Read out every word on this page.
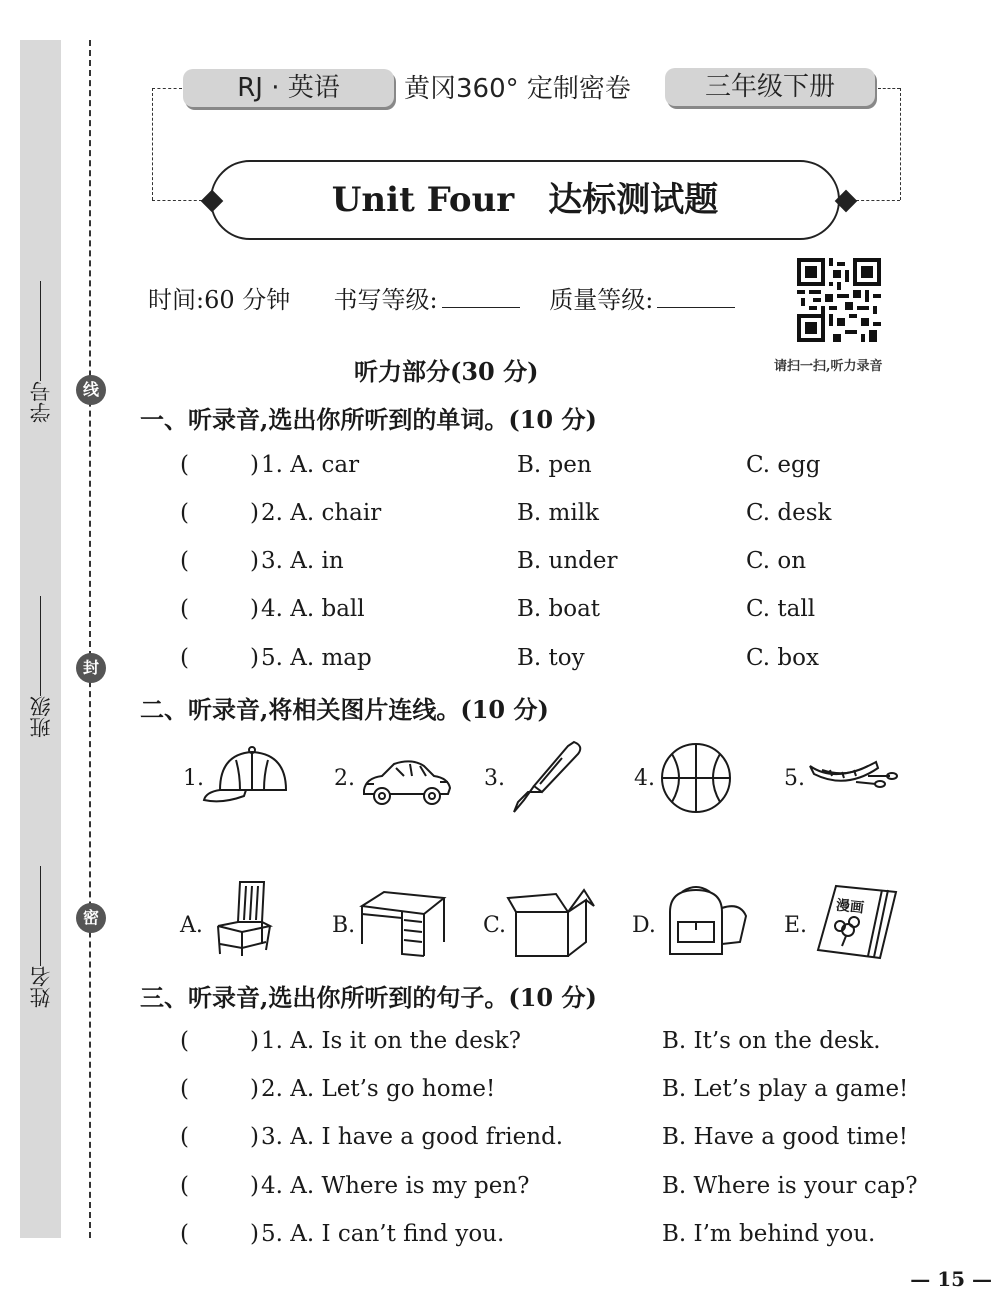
线
封
密
学号
班级
姓名
RJ · 英语	黄冈360° 定制密卷	三年级下册
Unit Four　达标测试题
时间:60 分钟 书写等级:	质量等级:
请扫一扫,听力录音
听力部分(30 分)
一、听录音,选出你所听到的单词。(10 分)
(	)1. A. car	B. pen	C. egg
(	)2. A. chair	B. milk	C. desk
(	)3. A. in	B. under	C. on
(	)4. A. ball	B. boat	C. tall
(	)5. A. map	B. toy	C. box
二、听录音,将相关图片连线。(10 分)
1.	2.	3.	4.	5.
A.	B.	C.	D.	E.
漫画
三、听录音,选出你所听到的句子。(10 分)
(	)1. A. Is it on the desk?	B. It’s on the desk.
(	)2. A. Let’s go home!	B. Let’s play a game!
(	)3. A. I have a good friend.	B. Have a good time!
(	)4. A. Where is my pen?	B. Where is your cap?
(	)5. A. I can’t find you.	B. I’m behind you.
— 15 —
